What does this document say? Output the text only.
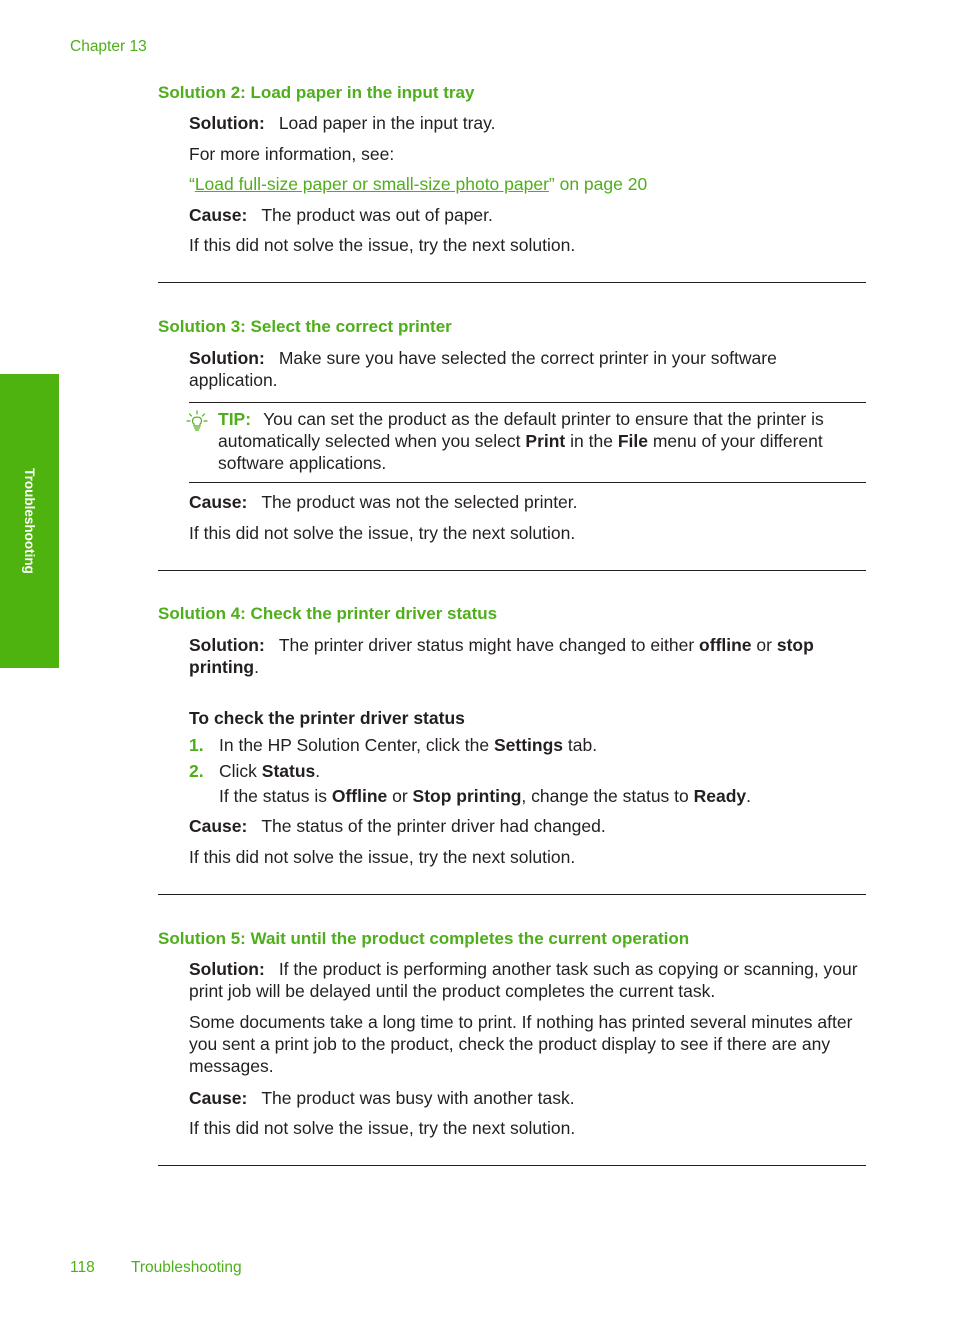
Chapter 13
Troubleshooting
Solution 2: Load paper in the input tray
Solution: Load paper in the input tray.
For more information, see:
“Load full-size paper or small-size photo paper” on page 20
Cause: The product was out of paper.
If this did not solve the issue, try the next solution.
Solution 3: Select the correct printer
Solution: Make sure you have selected the correct printer in your software application.
TIP: You can set the product as the default printer to ensure that the printer is automatically selected when you select Print in the File menu of your different software applications.
Cause: The product was not the selected printer.
If this did not solve the issue, try the next solution.
Solution 4: Check the printer driver status
Solution: The printer driver status might have changed to either offline or stop printing.
To check the printer driver status
1. In the HP Solution Center, click the Settings tab.
2. Click Status.
If the status is Offline or Stop printing, change the status to Ready.
Cause: The status of the printer driver had changed.
If this did not solve the issue, try the next solution.
Solution 5: Wait until the product completes the current operation
Solution: If the product is performing another task such as copying or scanning, your print job will be delayed until the product completes the current task.
Some documents take a long time to print. If nothing has printed several minutes after you sent a print job to the product, check the product display to see if there are any messages.
Cause: The product was busy with another task.
If this did not solve the issue, try the next solution.
118 Troubleshooting
